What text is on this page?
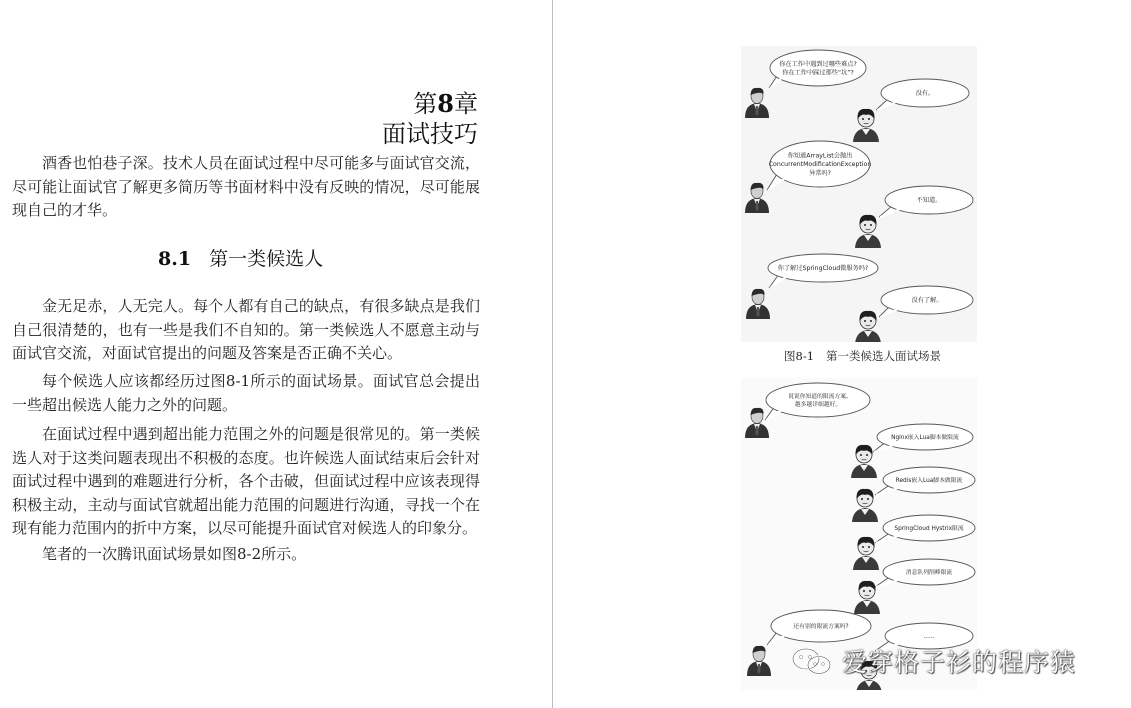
第8章
面试技巧

酒香也怕巷子深。技术人员在面试过程中尽可能多与面试官交流，尽可能让面试官了解更多简历等书面材料中没有反映的情况，尽可能展现自己的才华。

8.1 第一类候选人

金无足赤，人无完人。每个人都有自己的缺点，有很多缺点是我们自己很清楚的，也有一些是我们不自知的。第一类候选人不愿意主动与面试官交流，对面试官提出的问题及答案是否正确不关心。

每个候选人应该都经历过图8-1所示的面试场景。面试官总会提出一些超出候选人能力之外的问题。

在面试过程中遇到超出能力范围之外的问题是很常见的。第一类候选人对于这类问题表现出不积极的态度。也许候选人面试结束后会针对面试过程中遇到的难题进行分析，各个击破，但面试过程中应该表现得积极主动，主动与面试官就超出能力范围的问题进行沟通，寻找一个在现有能力范围内的折中方案，以尽可能提升面试官对候选人的印象分。

笔者的一次腾讯面试场景如图8-2所示。

你在工作中遇到过哪些难点?
你在工作中踩过那些“坑”?
没有。
你知道ArrayList会抛出
ConcurrentModificationException
异常吗?
不知道。
你了解过SpringCloud微服务吗?
没有了解。
图8-1 第一类候选人面试场景
说说你知道的限流方案,
越多越详细越好。
Nginx嵌入Lua脚本做限流
Redis嵌入Lua脚本做限流
SpringCloud Hystrix限流
消息队列削峰限流
还有别的限流方案吗?
......
爱穿格子衫的程序猿
